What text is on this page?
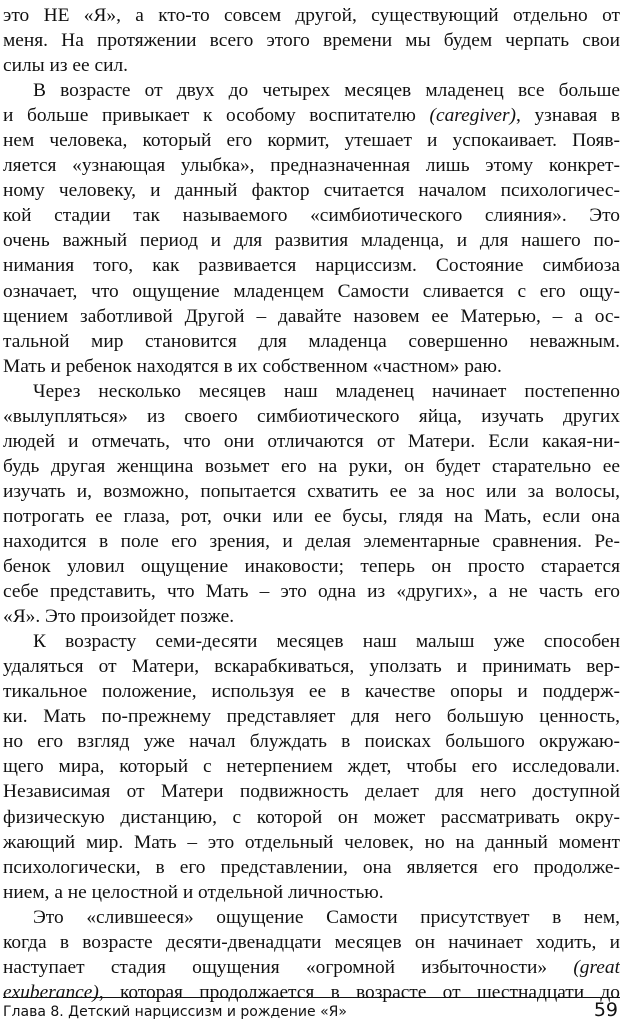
это НЕ «Я», а кто-то совсем другой, существующий отдельно от
меня. На протяжении всего этого времени мы будем черпать свои
силы из ее сил.
В возрасте от двух до четырех месяцев младенец все больше
и больше привыкает к особому воспитателю (caregiver), узнавая в
нем человека, который его кормит, утешает и успокаивает. Появ-
ляется «узнающая улыбка», предназначенная лишь этому конкрет-
ному человеку, и данный фактор считается началом психологичес-
кой стадии так называемого «симбиотического слияния». Это
очень важный период и для развития младенца, и для нашего по-
нимания того, как развивается нарциссизм. Состояние симбиоза
означает, что ощущение младенцем Самости сливается с его ощу-
щением заботливой Другой – давайте назовем ее Матерью, – а ос-
тальной мир становится для младенца совершенно неважным.
Мать и ребенок находятся в их собственном «частном» раю.
Через несколько месяцев наш младенец начинает постепенно
«вылупляться» из своего симбиотического яйца, изучать других
людей и отмечать, что они отличаются от Матери. Если какая-ни-
будь другая женщина возьмет его на руки, он будет старательно ее
изучать и, возможно, попытается схватить ее за нос или за волосы,
потрогать ее глаза, рот, очки или ее бусы, глядя на Мать, если она
находится в поле его зрения, и делая элементарные сравнения. Ре-
бенок уловил ощущение инаковости; теперь он просто старается
себе представить, что Мать – это одна из «других», а не часть его
«Я». Это произойдет позже.
К возрасту семи-десяти месяцев наш малыш уже способен
удаляться от Матери, вскарабкиваться, уползать и принимать вер-
тикальное положение, используя ее в качестве опоры и поддерж-
ки. Мать по-прежнему представляет для него большую ценность,
но его взгляд уже начал блуждать в поисках большого окружаю-
щего мира, который с нетерпением ждет, чтобы его исследовали.
Независимая от Матери подвижность делает для него доступной
физическую дистанцию, с которой он может рассматривать окру-
жающий мир. Мать – это отдельный человек, но на данный момент
психологически, в его представлении, она является его продолже-
нием, а не целостной и отдельной личностью.
Это «слившееся» ощущение Самости присутствует в нем,
когда в возрасте десяти-двенадцати месяцев он начинает ходить, и
наступает стадия ощущения «огромной избыточности» (great
exuberance), которая продолжается в возрасте от шестнадцати до
Глава 8. Детский нарциссизм и рождение «Я»	59
